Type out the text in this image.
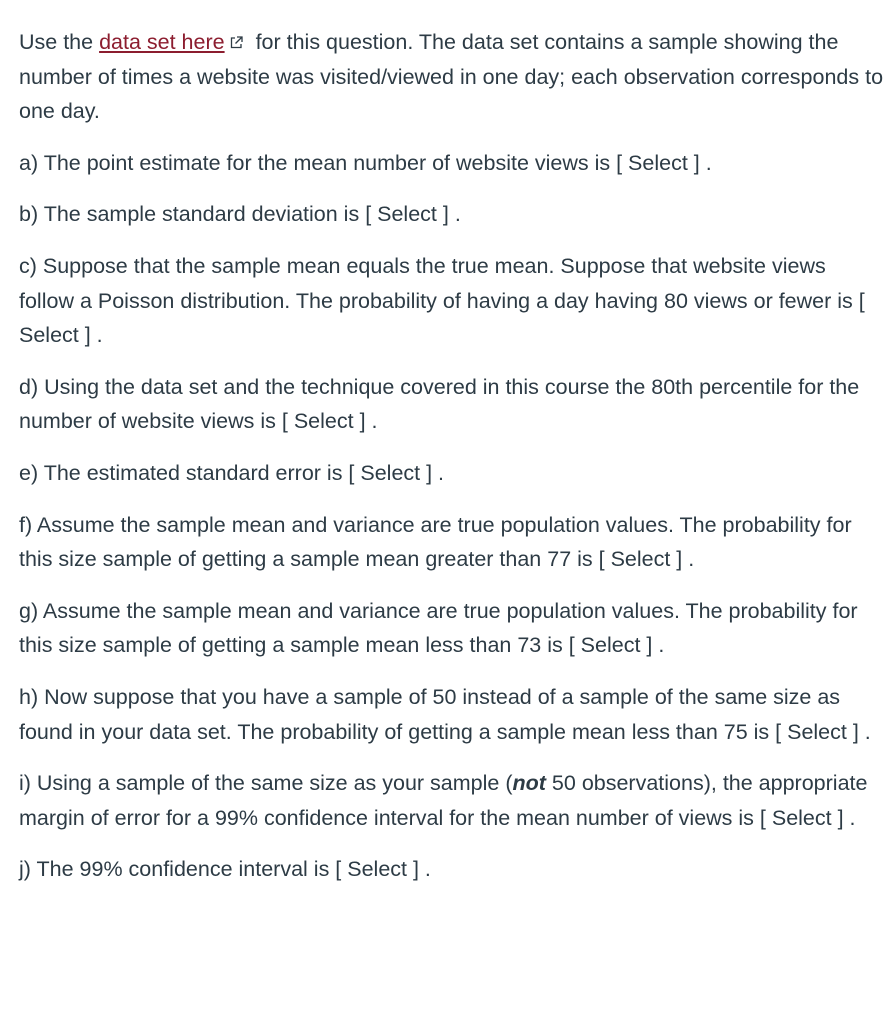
Use the data set here
for this question. The data set contains a sample showing the number of times a website was visited/viewed in one day; each observation corresponds to one day.

a) The point estimate for the mean number of website views is [ Select ] .

b) The sample standard deviation is [ Select ] .

c) Suppose that the sample mean equals the true mean. Suppose that website views follow a Poisson distribution. The probability of having a day having 80 views or fewer is [ Select ] .

d) Using the data set and the technique covered in this course the 80th percentile for the number of website views is [ Select ] .

e) The estimated standard error is [ Select ] .

f) Assume the sample mean and variance are true population values. The probability for this size sample of getting a sample mean greater than 77 is [ Select ] .

g) Assume the sample mean and variance are true population values. The probability for this size sample of getting a sample mean less than 73 is [ Select ] .

h) Now suppose that you have a sample of 50 instead of a sample of the same size as found in your data set. The probability of getting a sample mean less than 75 is [ Select ] .

i) Using a sample of the same size as your sample (not 50 observations), the appropriate margin of error for a 99% confidence interval for the mean number of views is [ Select ] .

j) The 99% confidence interval is [ Select ] .
